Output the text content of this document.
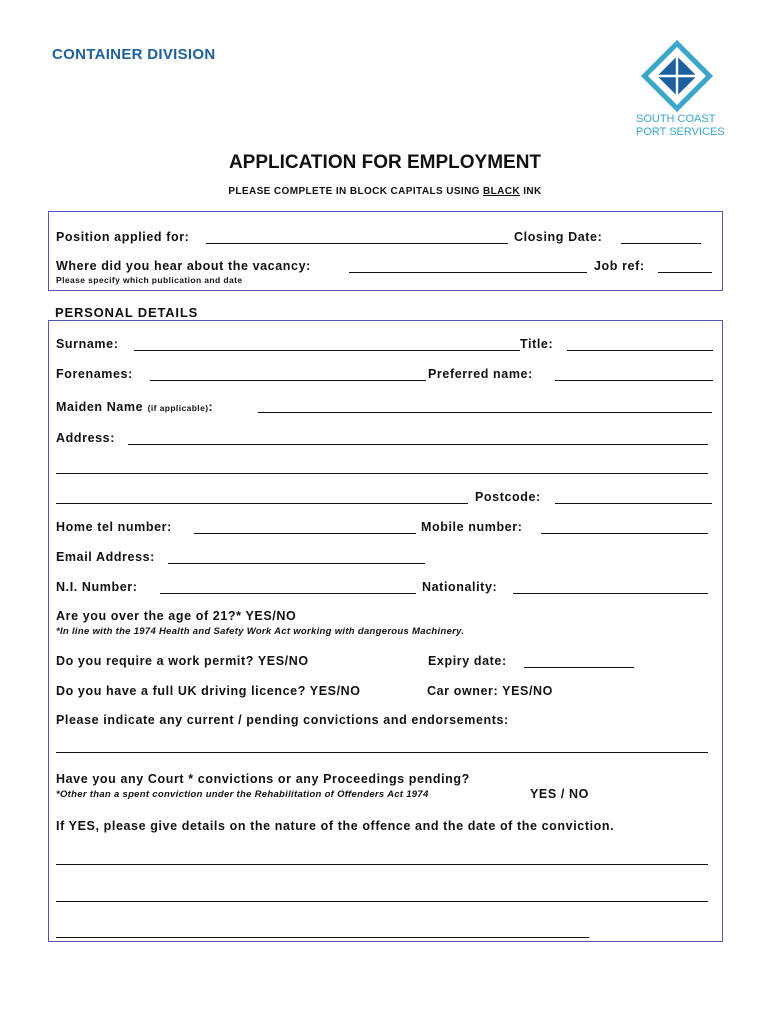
CONTAINER DIVISION
SOUTH COAST
PORT SERVICES
APPLICATION FOR EMPLOYMENT
PLEASE COMPLETE IN BLOCK CAPITALS USING BLACK INK
Position applied for:	Closing Date:
Where did you hear about the vacancy:	Job ref:
Please specify which publication and date
PERSONAL DETAILS
Surname:	Title:
Forenames:	Preferred name:
Maiden Name (if applicable):
Address:
Postcode:
Home tel number:	Mobile number:
Email Address:
N.I. Number:	Nationality:
Are you over the age of 21?* YES/NO
*In line with the 1974 Health and Safety Work Act working with dangerous Machinery.
Do you require a work permit? YES/NO	Expiry date:
Do you have a full UK driving licence? YES/NO	Car owner: YES/NO
Please indicate any current / pending convictions and endorsements:
Have you any Court * convictions or any Proceedings pending?
*Other than a spent conviction under the Rehabilitation of Offenders Act 1974	YES / NO
If YES, please give details on the nature of the offence and the date of the conviction.
